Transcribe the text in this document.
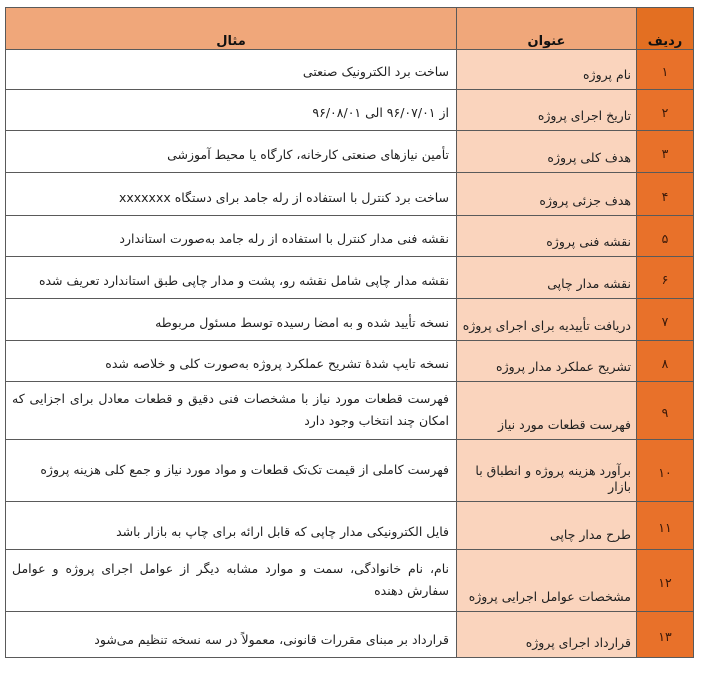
ردیف	عنوان	مثال
۱	نام پروژه	ساخت برد الکترونیک صنعتی
۲	تاریخ اجرای پروژه	از ۹۶/۰۷/۰۱ الی ۹۶/۰۸/۰۱
۳	هدف کلی پروژه	تأمین نیازهای صنعتی کارخانه، کارگاه یا محیط آموزشی
۴	هدف جزئی پروژه	ساخت برد کنترل با استفاده از رله جامد برای دستگاه xxxxxxx
۵	نقشه فنی پروژه	نقشه فنی مدار کنترل با استفاده از رله جامد به‌صورت استاندارد
۶	نقشه مدار چاپی	نقشه مدار چاپی شامل نقشه رو، پشت و مدار چاپی طبق استاندارد تعریف شده
۷	دریافت تأییدیه برای اجرای پروژه	نسخه تأیید شده و به امضا رسیده توسط مسئول مربوطه
۸	تشریح عملکرد مدار پروژه	نسخه تایپ شدهٔ تشریح عملکرد پروژه به‌صورت کلی و خلاصه شده
۹	فهرست قطعات مورد نیاز	فهرست قطعات مورد نیاز با مشخصات فنی دقیق و قطعات معادل برای اجزایی که امکان چند انتخاب وجود دارد
۱۰	برآورد هزینه پروژه و انطباق با بازار	فهرست کاملی از قیمت تک‌تک قطعات و مواد مورد نیاز و جمع کلی هزینه پروژه
۱۱	طرح مدار چاپی	فایل الکترونیکی مدار چاپی که قابل ارائه برای چاپ به بازار باشد
۱۲	مشخصات عوامل اجرایی پروژه	نام، نام خانوادگی، سمت و موارد مشابه دیگر از عوامل اجرای پروژه و عوامل سفارش دهنده
۱۳	قرارداد اجرای پروژه	قرارداد بر مبنای مقررات قانونی، معمولاً در سه نسخه تنظیم می‌شود
